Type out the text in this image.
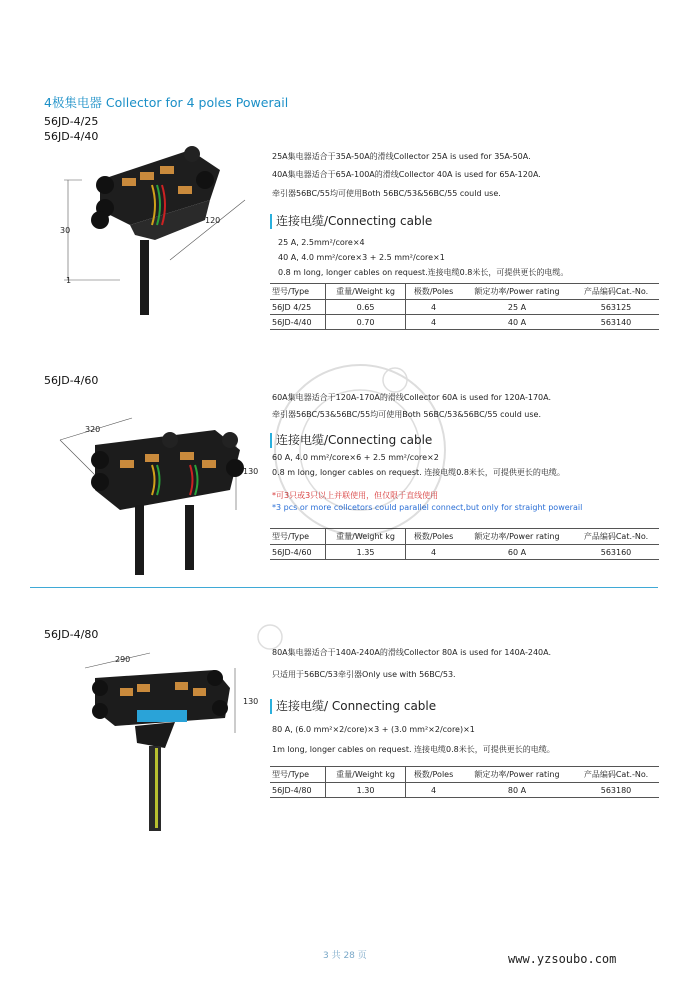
4极集电器 Collector for 4 poles Powerail
56JD-4/25
56JD-4/40
30
120
1
25A集电器适合于35A-50A的滑线Collector 25A is used for 35A-50A.
40A集电器适合于65A-100A的滑线Collector 40A is used for 65A-120A.
牵引器56BC/55均可使用Both 56BC/53&56BC/55 could use.
连接电缆/Connecting cable
25 A, 2.5mm²/core×4
40 A, 4.0 mm²/core×3 + 2.5 mm²/core×1
0.8 m long, longer cables on request.连接电缆0.8米长，可提供更长的电缆。
型号/Type	重量/Weight kg	极数/Poles	额定功率/Power rating	产品编码Cat.-No.
56JD 4/25	0.65	4	25 A	563125
56JD-4/40	0.70	4	40 A	563140
56JD-4/60
320
130
60A集电器适合于120A-170A的滑线Collector 60A is used for 120A-170A.
牵引器56BC/53&56BC/55均可使用Both 56BC/53&56BC/55 could use.
连接电缆/Connecting cable
60 A, 4.0 mm²/core×6 + 2.5 mm²/core×2
0.8 m long, longer cables on request. 连接电缆0.8米长，可提供更长的电缆。
*可3只或3只以上并联使用，但仅限于直线使用
*3 pcs or more collcetors could parallel connect,but only for straight powerail
型号/Type	重量/Weight kg	极数/Poles	额定功率/Power rating	产品编码Cat.-No.
56JD-4/60	1.35	4	60 A	563160
56JD-4/80
290
130
80A集电器适合于140A-240A的滑线Collector 80A is used for 140A-240A.
只适用于56BC/53牵引器Only use with 56BC/53.
连接电缆/ Connecting cable
80 A, (6.0 mm²×2/core)×3 + (3.0 mm²×2/core)×1
1m long, longer cables on request. 连接电缆0.8米长，可提供更长的电缆。
型号/Type	重量/Weight kg	极数/Poles	额定功率/Power rating	产品编码Cat.-No.
56JD-4/80	1.30	4	80 A	563180
3 共 28 页	www.yzsoubo.com
